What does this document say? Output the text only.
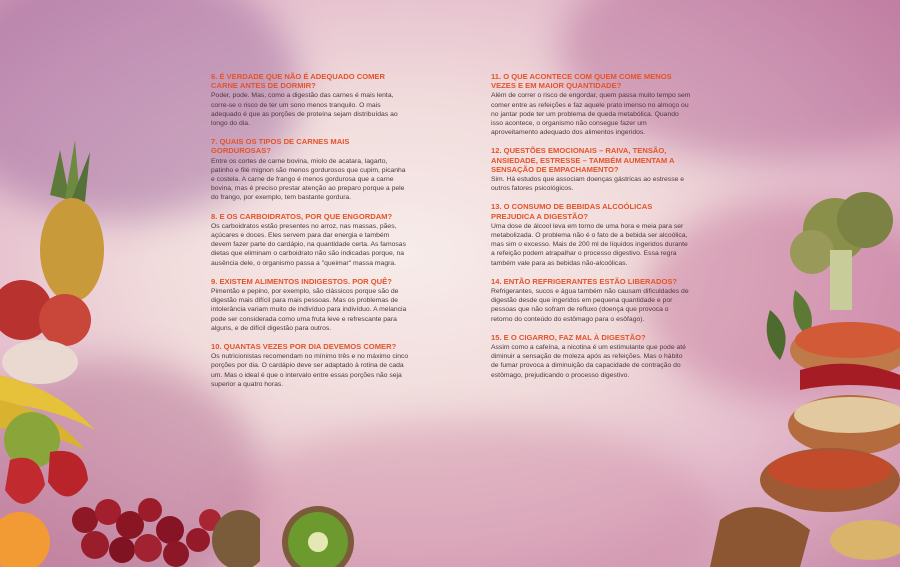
6. É VERDADE QUE NÃO É ADEQUADO COMER CARNE ANTES DE DORMIR?

Poder, pode. Mas, como a digestão das carnes é mais lenta, corre-se o risco de ter um sono menos tranquilo. O mais adequado é que as porções de proteína sejam distribuídas ao longo do dia.

7. QUAIS OS TIPOS DE CARNES MAIS GORDUROSAS?

Entre os cortes de carne bovina, miolo de acatara, lagarto, patinho e filé mignon são menos gordurosos que cupim, picanha e costela. A carne de frango é menos gordurosa que a carne bovina, mas é preciso prestar atenção ao preparo porque a pele do frango, por exemplo, tem bastante gordura.

8. E OS CARBOIDRATOS, POR QUE ENGORDAM?

Os carboidratos estão presentes no arroz, nas massas, pães, açúcares e doces. Eles servem para dar energia e também devem fazer parte do cardápio, na quantidade certa. As famosas dietas que eliminam o carboidrato não são indicadas porque, na ausência dele, o organismo passa a "queimar" massa magra.

9. EXISTEM ALIMENTOS INDIGESTOS. POR QUÊ?

Pimentão e pepino, por exemplo, são clássicos porque são de digestão mais difícil para mais pessoas. Mas os problemas de intolerância variam muito de indivíduo para indivíduo. A melancia pode ser considerada como uma fruta leve e refrescante para alguns, e de difícil digestão para outros.

10. QUANTAS VEZES POR DIA DEVEMOS COMER?

Os nutricionistas recomendam no mínimo três e no máximo cinco porções por dia. O cardápio deve ser adaptado à rotina de cada um. Mas o ideal é que o intervalo entre essas porções não seja superior a quatro horas.

11. O QUE ACONTECE COM QUEM COME MENOS VEZES E EM MAIOR QUANTIDADE?

Além de correr o risco de engordar, quem passa muito tempo sem comer entre as refeições e faz aquele prato imenso no almoço ou no jantar pode ter um problema de queda metabólica. Quando isso acontece, o organismo não consegue fazer um aproveitamento adequado dos alimentos ingeridos.

12. QUESTÕES EMOCIONAIS – RAIVA, TENSÃO, ANSIEDADE, ESTRESSE – TAMBÉM AUMENTAM A SENSAÇÃO DE EMPACHAMENTO?

Sim. Há estudos que associam doenças gástricas ao estresse e outros fatores psicológicos.

13. O CONSUMO DE BEBIDAS ALCOÓLICAS PREJUDICA A DIGESTÃO?

Uma dose de álcool leva em torno de uma hora e meia para ser metabolizada. O problema não é o fato de a bebida ser alcoólica, mas sim o excesso. Mais de 200 ml de líquidos ingeridos durante a refeição podem atrapalhar o processo digestivo. Essa regra também vale para as bebidas não-alcoólicas.

14. ENTÃO REFRIGERANTES ESTÃO LIBERADOS?

Refrigerantes, sucos e água também não causam dificuldades de digestão desde que ingeridos em pequena quantidade e por pessoas que não sofram de refluxo (doença que provoca o retorno do conteúdo do estômago para o esôfago).

15. E O CIGARRO, FAZ MAL À DIGESTÃO?

Assim como a cafeína, a nicotina é um estimulante que pode até diminuir a sensação de moleza após as refeições. Mas o hábito de fumar provoca a diminuição da capacidade de contração do estômago, prejudicando o processo digestivo.
